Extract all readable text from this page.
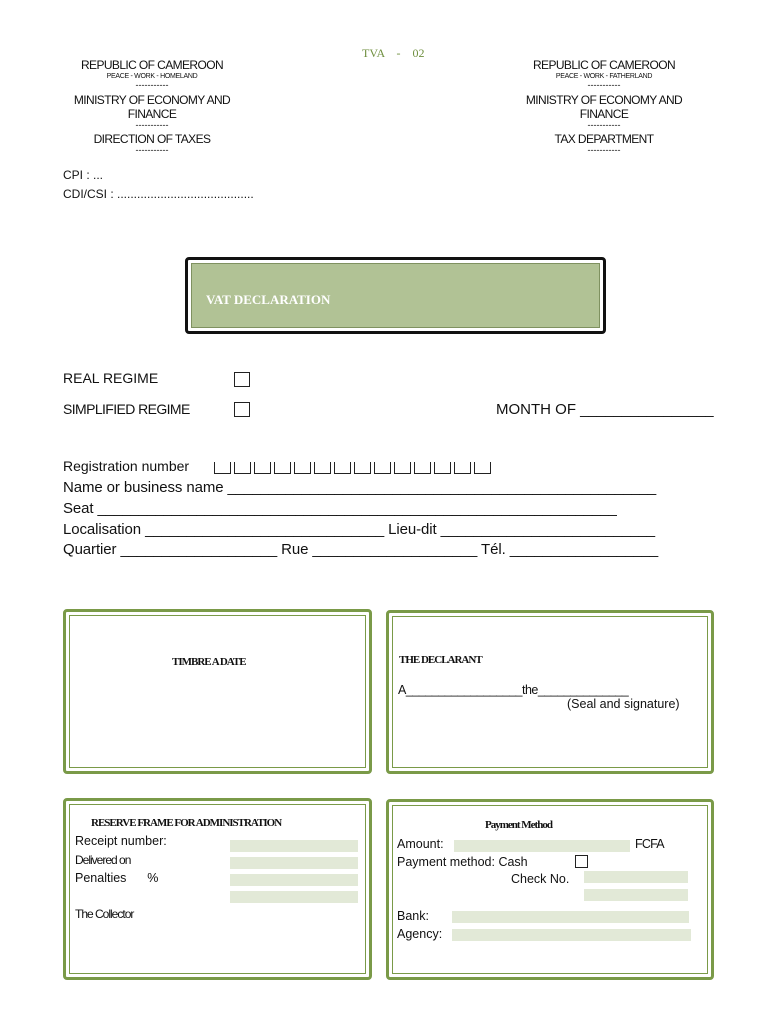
REPUBLIC OF CAMEROON
PEACE - WORK - HOMELAND
-----------
MINISTRY OF ECONOMY AND
FINANCE
-----------
DIRECTION OF TAXES
-----------
TVA    -    02
REPUBLIC OF CAMEROON
PEACE - WORK - FATHERLAND
-----------
MINISTRY OF ECONOMY AND
FINANCE
-----------
TAX DEPARTMENT
-----------
CPI : ...
CDI/CSI : .........................................
VAT DECLARATION
REAL REGIME
SIMPLIFIED REGIME	MONTH OF ________________
Registration number
Name or business name ____________________________________________________
Seat _______________________________________________________________
Localisation _____________________________ Lieu-dit __________________________
Quartier ___________________ Rue ____________________ Tél. __________________
TIMBRE A DATE	THE DECLARANT
A__________________the______________
(Seal and signature)
RESERVE FRAME FOR ADMINISTRATION
Receipt number:
Delivered on
Penalties      %
The Collector
Payment Method
Amount:	FCFA
Payment method: Cash
Check No.
Bank:
Agency:
